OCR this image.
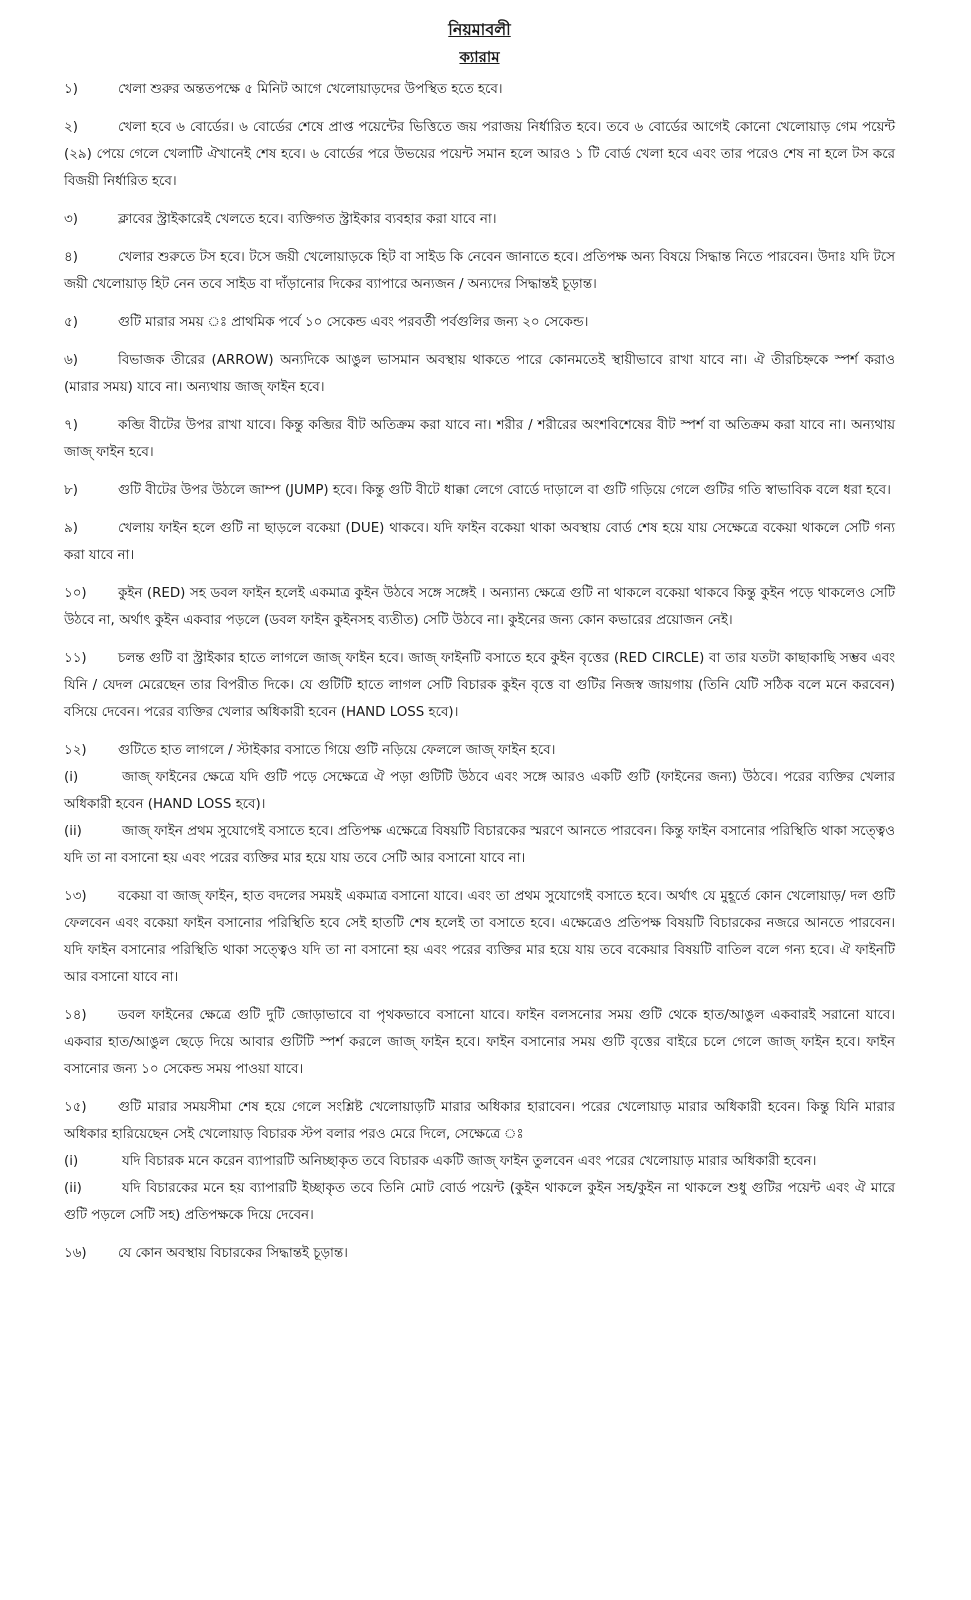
নিয়মাবলী
ক্যারাম
১)	খেলা শুরুর অন্ততপক্ষে ৫ মিনিট আগে খেলোয়াড়দের উপস্থিত হতে হবে।
২)	খেলা হবে ৬ বোর্ডের। ৬ বোর্ডের শেষে প্রাপ্ত পয়েন্টের ভিত্তিতে জয় পরাজয় নির্ধারিত হবে। তবে ৬ বোর্ডের আগেই কোনো খেলোয়াড় গেম পয়েন্ট (২৯) পেয়ে গেলে খেলাটি ঐখানেই শেষ হবে। ৬ বোর্ডের পরে উভয়ের পয়েন্ট সমান হলে আরও ১ টি বোর্ড খেলা হবে এবং তার পরেও শেষ না হলে টস করে বিজয়ী নির্ধারিত হবে।
৩)	ক্লাবের স্ট্রাইকারেই খেলতে হবে। ব্যক্তিগত স্ট্রাইকার ব্যবহার করা যাবে না।
৪)	খেলার শুরুতে টস হবে। টসে জয়ী খেলোয়াড়কে হিট বা সাইড কি নেবেন জানাতে হবে। প্রতিপক্ষ অন্য বিষয়ে সিদ্ধান্ত নিতে পারবেন। উদাঃ যদি টসে জয়ী খেলোয়াড় হিট নেন তবে সাইড বা দাঁড়ানোর দিকের ব্যাপারে অন্যজন / অন্যদের সিদ্ধান্তই চূড়ান্ত।
৫)	গুটি মারার সময় ঃ প্রাথমিক পর্বে ১০ সেকেন্ড এবং পরবর্তী পর্বগুলির জন্য ২০ সেকেন্ড।
৬)	বিভাজক তীরের (ARROW) অন্যদিকে আঙুল ভাসমান অবস্থায় থাকতে পারে কোনমতেই স্থায়ীভাবে রাখা যাবে না। ঐ তীরচিহ্নকে স্পর্শ করাও (মারার সময়) যাবে না। অন্যথায় জাজ্ ফাইন হবে।
৭)	কব্জি বীটের উপর রাখা যাবে। কিন্তু কব্জির বীট অতিক্রম করা যাবে না। শরীর / শরীরের অংশবিশেষের বীট স্পর্শ বা অতিক্রম করা যাবে না। অন্যথায় জাজ্ ফাইন হবে।
৮)	গুটি বীটের উপর উঠলে জাম্প (JUMP) হবে। কিন্তু গুটি বীটে ধাক্কা লেগে বোর্ডে দাড়ালে বা গুটি গড়িয়ে গেলে গুটির গতি স্বাভাবিক বলে ধরা হবে।
৯)	খেলায় ফাইন হলে গুটি না ছাড়লে বকেয়া (DUE) থাকবে। যদি ফাইন বকেয়া থাকা অবস্থায় বোর্ড শেষ হয়ে যায় সেক্ষেত্রে বকেয়া থাকলে সেটি গন্য করা যাবে না।
১০) কুইন (RED) সহ ডবল ফাইন হলেই একমাত্র কুইন উঠবে সঙ্গে সঙ্গেই । অন্যান্য ক্ষেত্রে গুটি না থাকলে বকেয়া থাকবে কিন্তু কুইন পড়ে থাকলেও সেটি উঠবে না, অর্থাৎ কুইন একবার পড়লে (ডবল ফাইন কুইনসহ ব্যতীত) সেটি উঠবে না। কুইনের জন্য কোন কভারের প্রয়োজন নেই।
১১) চলন্ত গুটি বা স্ট্রাইকার হাতে লাগলে জাজ্ ফাইন হবে। জাজ্ ফাইনটি বসাতে হবে কুইন বৃত্তের (RED CIRCLE) বা তার যতটা কাছাকাছি সম্ভব এবং যিনি / যেদল মেরেছেন তার বিপরীত দিকে। যে গুটিটি হাতে লাগল সেটি বিচারক কুইন বৃত্তে বা গুটির নিজস্ব জায়গায় (তিনি যেটি সঠিক বলে মনে করবেন) বসিয়ে দেবেন। পরের ব্যক্তির খেলার অধিকারী হবেন (HAND LOSS হবে)।
১২) গুটিতে হাত লাগলে / স্টাইকার বসাতে গিয়ে গুটি নড়িয়ে ফেললে জাজ্ ফাইন হবে।
(i)	জাজ্ ফাইনের ক্ষেত্রে যদি গুটি পড়ে সেক্ষেত্রে ঐ পড়া গুটিটি উঠবে এবং সঙ্গে আরও একটি গুটি (ফাইনের জন্য) উঠবে। পরের ব্যক্তির খেলার অধিকারী হবেন (HAND LOSS হবে)।
(ii)	জাজ্ ফাইন প্রথম সুযোগেই বসাতে হবে। প্রতিপক্ষ এক্ষেত্রে বিষয়টি বিচারকের স্মরণে আনতে পারবেন। কিন্তু ফাইন বসানোর পরিস্থিতি থাকা সত্ত্বেও যদি তা না বসানো হয় এবং পরের ব্যক্তির মার হয়ে যায় তবে সেটি আর বসানো যাবে না।
১৩) বকেয়া বা জাজ্ ফাইন, হাত বদলের সময়ই একমাত্র বসানো যাবে। এবং তা প্রথম সুযোগেই বসাতে হবে। অর্থাৎ যে মুহূর্তে কোন খেলোয়াড়/ দল গুটি ফেলবেন এবং বকেয়া ফাইন বসানোর পরিস্থিতি হবে সেই হাতটি শেষ হলেই তা বসাতে হবে। এক্ষেত্রেও প্রতিপক্ষ বিষয়টি বিচারকের নজরে আনতে পারবেন। যদি ফাইন বসানোর পরিস্থিতি থাকা সত্ত্বেও যদি তা না বসানো হয় এবং পরের ব্যক্তির মার হয়ে যায় তবে বকেয়ার বিষয়টি বাতিল বলে গন্য হবে। ঐ ফাইনটি আর বসানো যাবে না।
১৪) ডবল ফাইনের ক্ষেত্রে গুটি দুটি জোড়াভাবে বা পৃথকভাবে বসানো যাবে। ফাইন বলসনোর সময় গুটি থেকে হাত/আঙুল একবারই সরানো যাবে। একবার হাত/আঙুল ছেড়ে দিয়ে আবার গুটিটি স্পর্শ করলে জাজ্ ফাইন হবে। ফাইন বসানোর সময় গুটি বৃত্তের বাইরে চলে গেলে জাজ্ ফাইন হবে। ফাইন বসানোর জন্য ১০ সেকেন্ড সময় পাওয়া যাবে।
১৫) গুটি মারার সময়সীমা শেষ হয়ে গেলে সংশ্লিষ্ট খেলোয়াড়টি মারার অধিকার হারাবেন। পরের খেলোয়াড় মারার অধিকারী হবেন। কিন্তু যিনি মারার অধিকার হারিয়েছেন সেই খেলোয়াড় বিচারক স্টপ বলার পরও মেরে দিলে, সেক্ষেত্রে ঃ
(i)	যদি বিচারক মনে করেন ব্যাপারটি অনিচ্ছাকৃত তবে বিচারক একটি জাজ্ ফাইন তুলবেন এবং পরের খেলোয়াড় মারার অধিকারী হবেন।
(ii)	যদি বিচারকের মনে হয় ব্যাপারটি ইচ্ছাকৃত তবে তিনি মোট বোর্ড পয়েন্ট (কুইন থাকলে কুইন সহ/কুইন না থাকলে শুধু গুটির পয়েন্ট এবং ঐ মারে গুটি পড়লে সেটি সহ) প্রতিপক্ষকে দিয়ে দেবেন।
১৬) যে কোন অবস্থায় বিচারকের সিদ্ধান্তই চূড়ান্ত।
